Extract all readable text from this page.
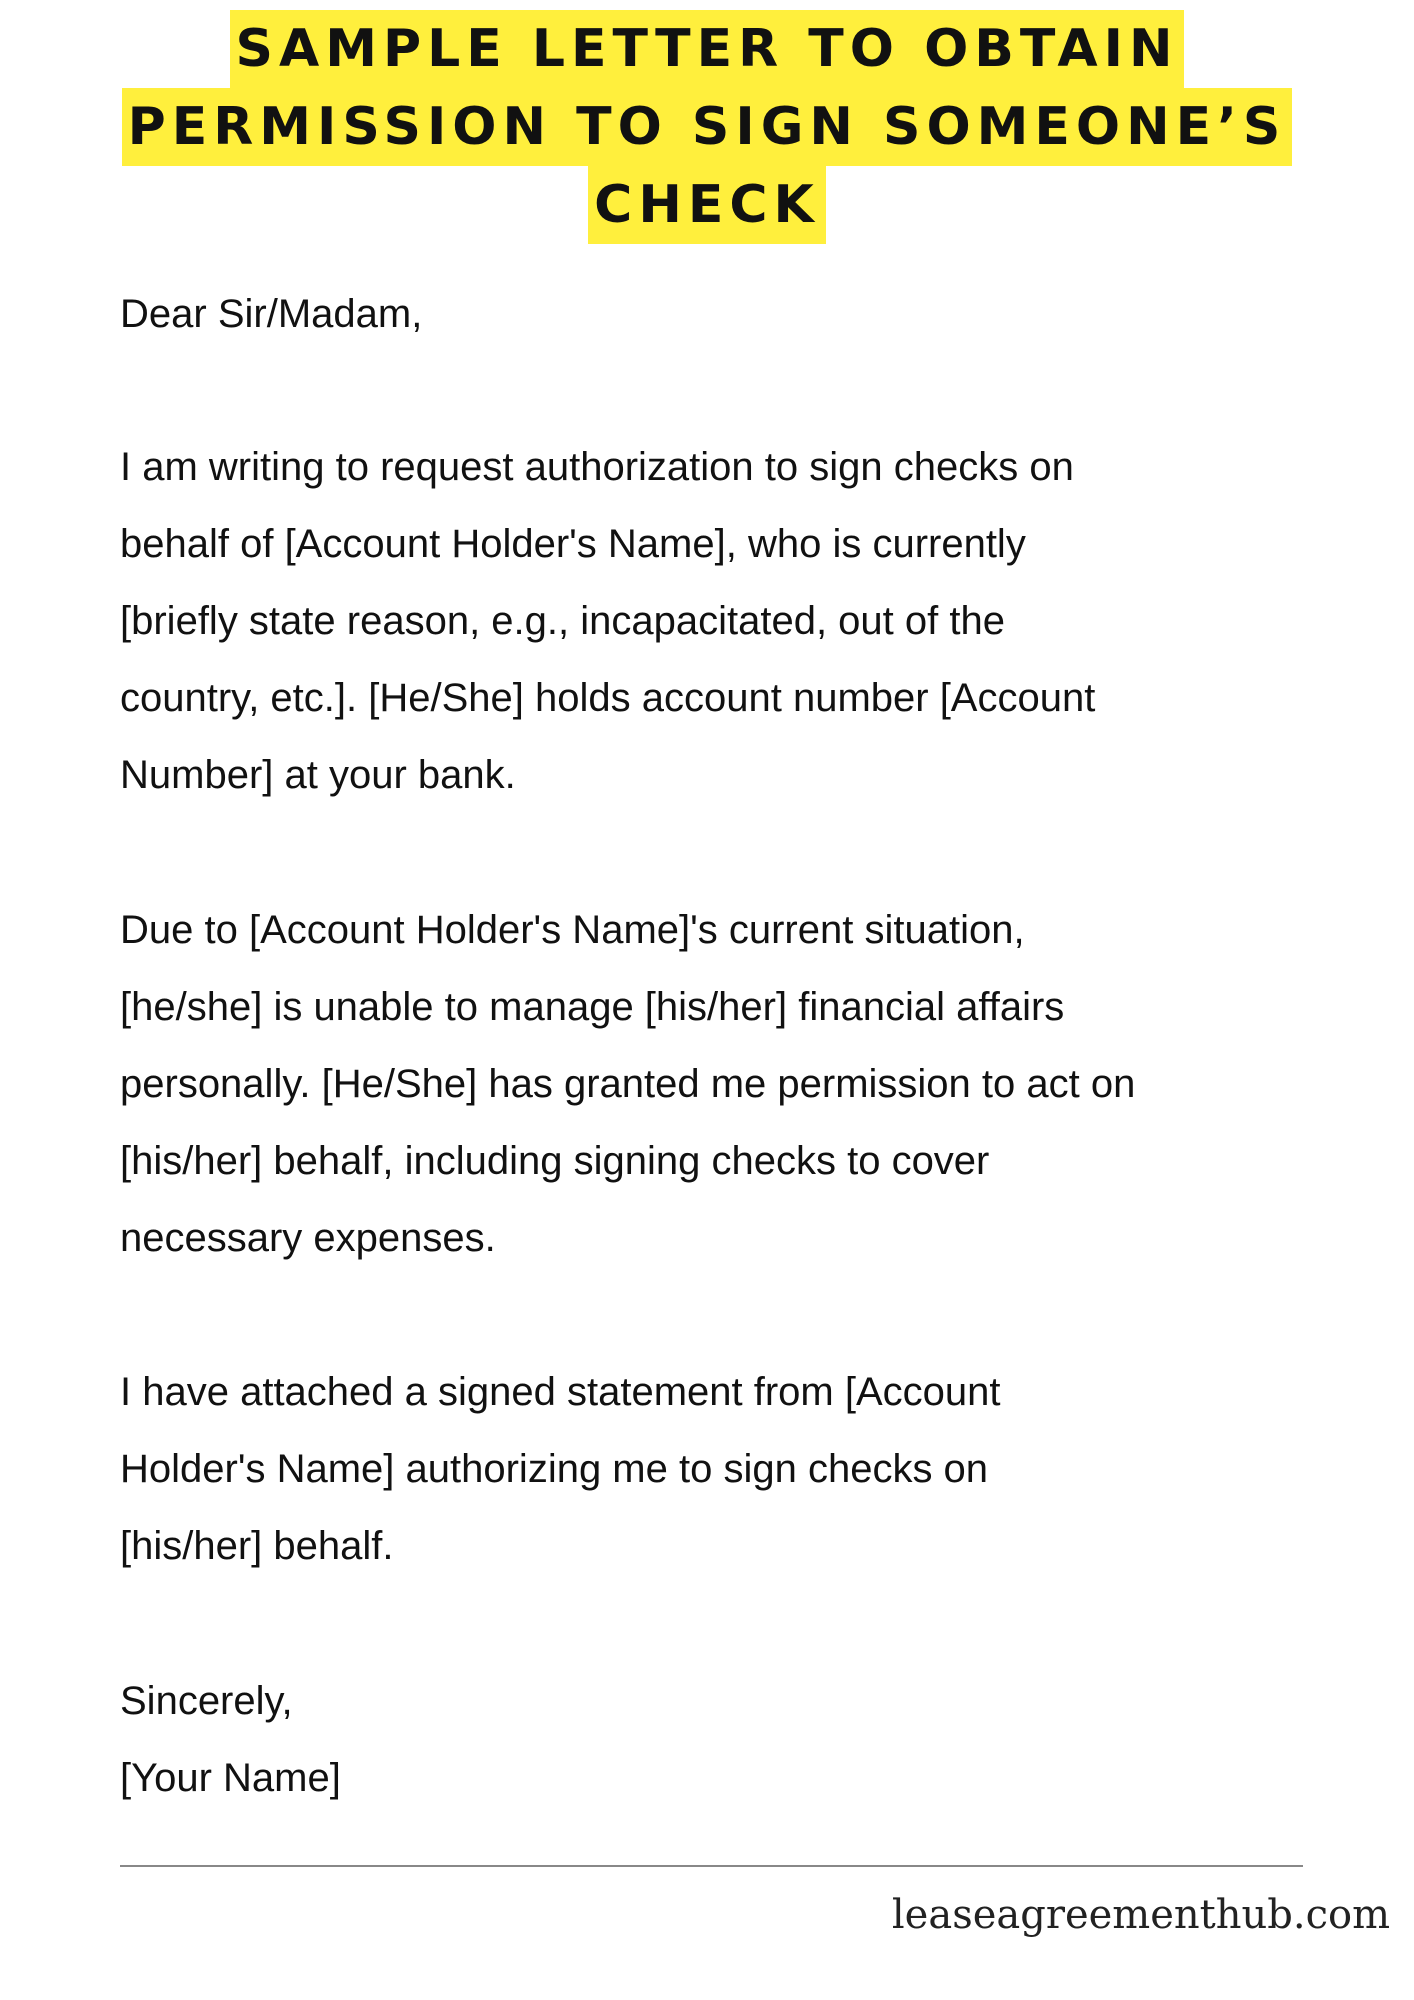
SAMPLE LETTER TO OBTAIN
PERMISSION TO SIGN SOMEONE’S
CHECK

Dear Sir/Madam,

I am writing to request authorization to sign checks on
behalf of [Account Holder's Name], who is currently
[briefly state reason, e.g., incapacitated, out of the
country, etc.]. [He/She] holds account number [Account
Number] at your bank.

Due to [Account Holder's Name]'s current situation,
[he/she] is unable to manage [his/her] financial affairs
personally. [He/She] has granted me permission to act on
[his/her] behalf, including signing checks to cover
necessary expenses.

I have attached a signed statement from [Account
Holder's Name] authorizing me to sign checks on
[his/her] behalf.

Sincerely,

[Your Name]

leaseagreementhub.com
